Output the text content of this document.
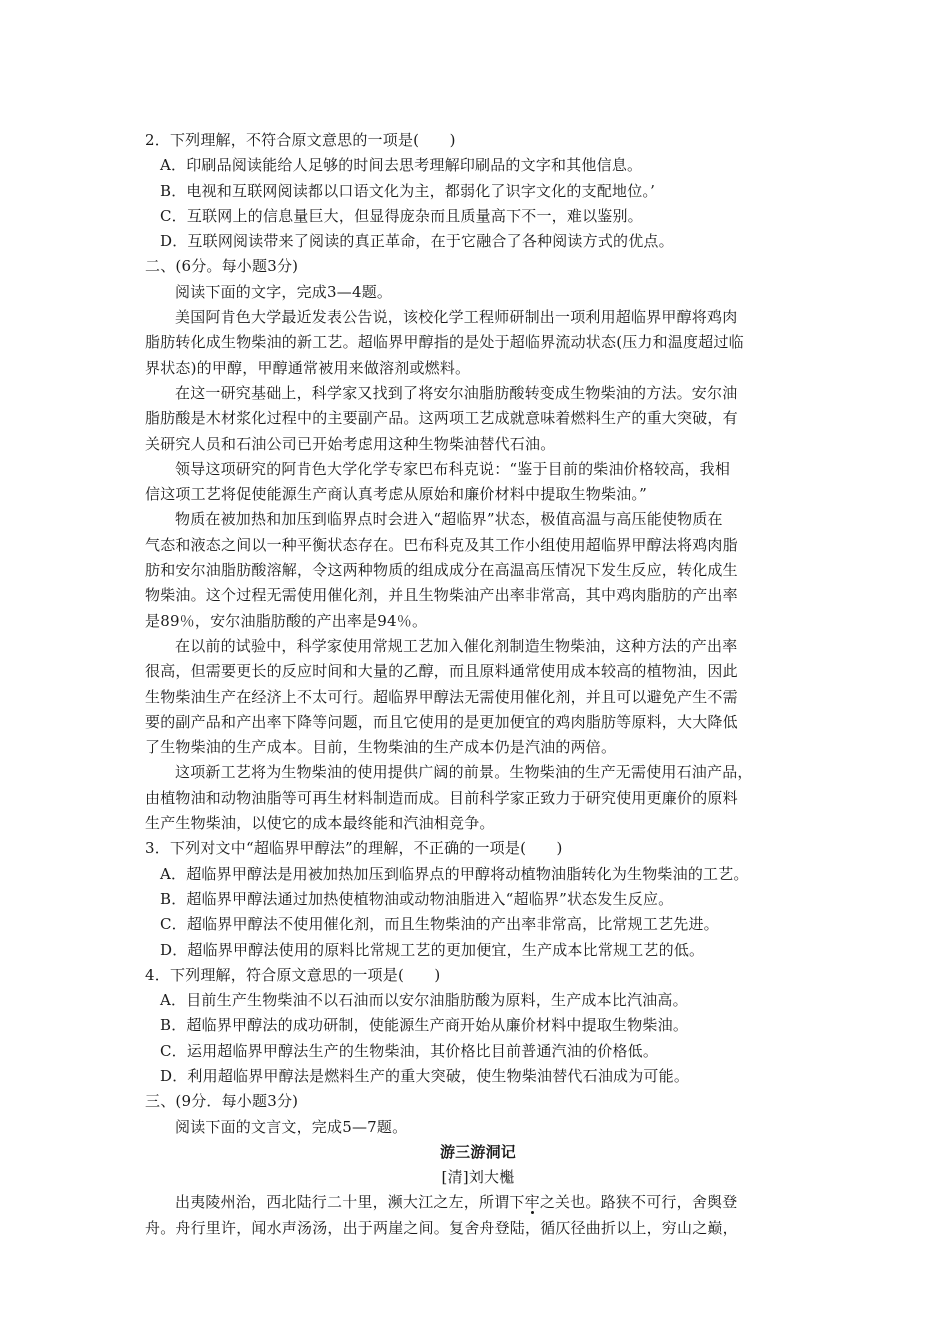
2．下列理解，不符合原文意思的一项是(　　)
A．印刷品阅读能给人足够的时间去思考理解印刷品的文字和其他信息。
B．电视和互联网阅读都以口语文化为主，都弱化了识字文化的支配地位。’
C．互联网上的信息量巨大，但显得庞杂而且质量高下不一，难以鉴别。
D．互联网阅读带来了阅读的真正革命，在于它融合了各种阅读方式的优点。
二、(6分。每小题3分)
阅读下面的文字，完成3—4题。
美国阿肯色大学最近发表公告说，该校化学工程师研制出一项利用超临界甲醇将鸡肉
脂肪转化成生物柴油的新工艺。超临界甲醇指的是处于超临界流动状态(压力和温度超过临
界状态)的甲醇，甲醇通常被用来做溶剂或燃料。
在这一研究基础上，科学家又找到了将安尔油脂肪酸转变成生物柴油的方法。安尔油
脂肪酸是木材浆化过程中的主要副产品。这两项工艺成就意味着燃料生产的重大突破，有
关研究人员和石油公司已开始考虑用这种生物柴油替代石油。
领导这项研究的阿肯色大学化学专家巴布科克说：“鉴于目前的柴油价格较高，我相
信这项工艺将促使能源生产商认真考虑从原始和廉价材料中提取生物柴油。”
物质在被加热和加压到临界点时会进入“超临界”状态，极值高温与高压能使物质在
气态和液态之间以一种平衡状态存在。巴布科克及其工作小组使用超临界甲醇法将鸡肉脂
肪和安尔油脂肪酸溶解，令这两种物质的组成成分在高温高压情况下发生反应，转化成生
物柴油。这个过程无需使用催化剂，并且生物柴油产出率非常高，其中鸡肉脂肪的产出率
是89％，安尔油脂肪酸的产出率是94％。
在以前的试验中，科学家使用常规工艺加入催化剂制造生物柴油，这种方法的产出率
很高，但需要更长的反应时间和大量的乙醇，而且原料通常使用成本较高的植物油，因此
生物柴油生产在经济上不太可行。超临界甲醇法无需使用催化剂，并且可以避免产生不需
要的副产品和产出率下降等问题，而且它使用的是更加便宜的鸡肉脂肪等原料，大大降低
了生物柴油的生产成本。目前，生物柴油的生产成本仍是汽油的两倍。
这项新工艺将为生物柴油的使用提供广阔的前景。生物柴油的生产无需使用石油产品，
由植物油和动物油脂等可再生材料制造而成。目前科学家正致力于研究使用更廉价的原料
生产生物柴油，以使它的成本最终能和汽油相竞争。
3．下列对文中“超临界甲醇法”的理解，不正确的一项是(　　)
A．超临界甲醇法是用被加热加压到临界点的甲醇将动植物油脂转化为生物柴油的工艺。
B．超临界甲醇法通过加热使植物油或动物油脂进入“超临界”状态发生反应。
C．超临界甲醇法不使用催化剂，而且生物柴油的产出率非常高，比常规工艺先进。
D．超临界甲醇法使用的原料比常规工艺的更加便宜，生产成本比常规工艺的低。
4．下列理解，符合原文意思的一项是(　　)
A．目前生产生物柴油不以石油而以安尔油脂肪酸为原料，生产成本比汽油高。
B．超临界甲醇法的成功研制，使能源生产商开始从廉价材料中提取生物柴油。
C．运用超临界甲醇法生产的生物柴油，其价格比目前普通汽油的价格低。
D．利用超临界甲醇法是燃料生产的重大突破，使生物柴油替代石油成为可能。
三、(9分．每小题3分)
阅读下面的文言文，完成5—7题。
游三游洞记
[清]刘大櫆
出夷陵州治，西北陆行二十里，濒大江之左，所谓下牢之关也。路狭不可行，舍舆登
舟。舟行里许，闻水声汤汤，出于两崖之间。复舍舟登陆，循仄径曲折以上，穷山之巅，
